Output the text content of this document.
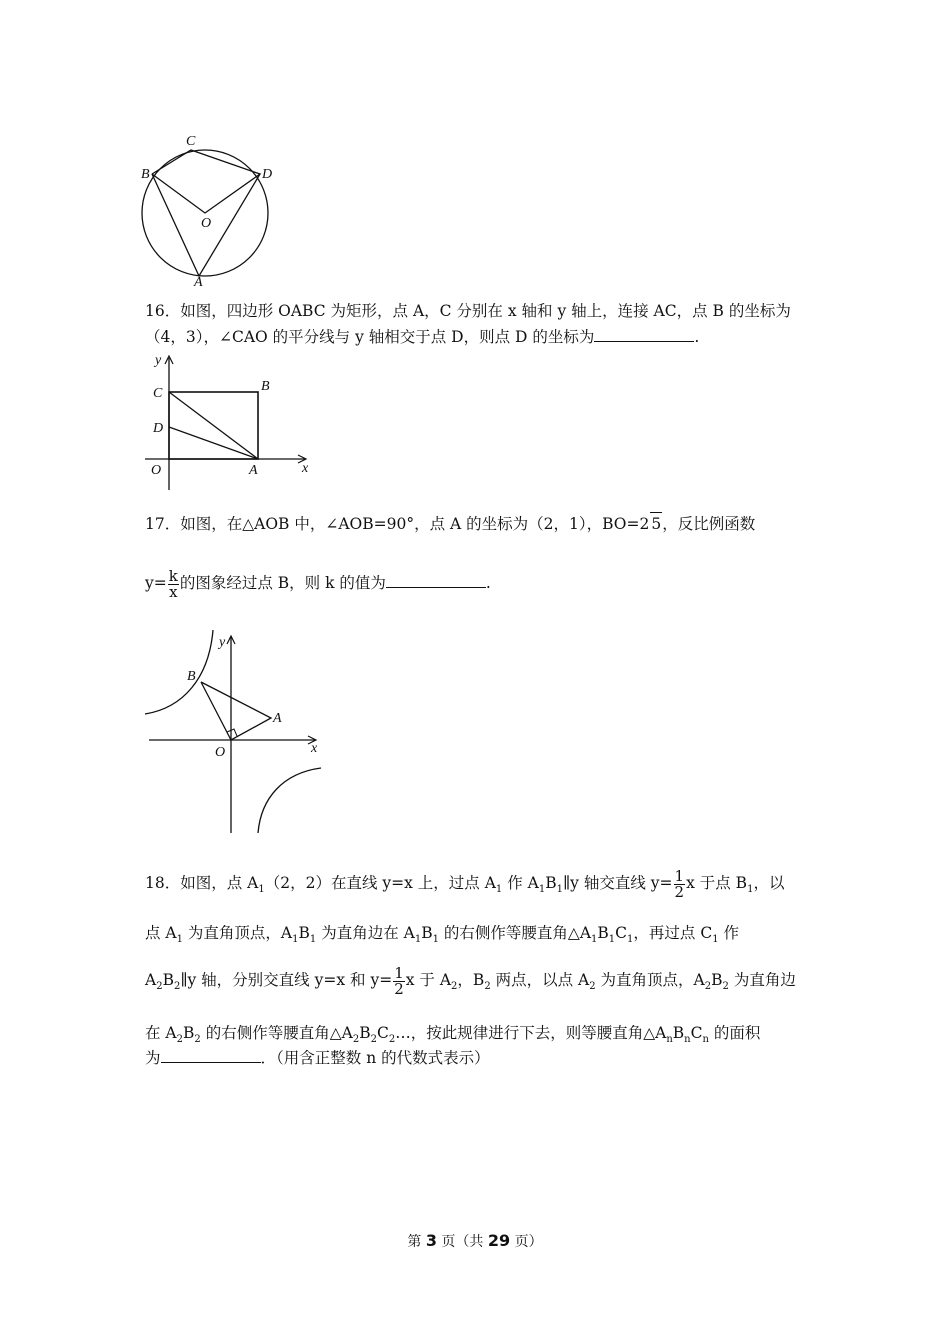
C
B	D
O
A
16．如图，四边形 OABC 为矩形，点 A，C 分别在 x 轴和 y 轴上，连接 AC，点 B 的坐标为
（4，3），∠CAO 的平分线与 y 轴相交于点 D，则点 D 的坐标为	.
y
C	B
D
O	A	x
17．如图，在△AOB 中，∠AOB=90°，点 A 的坐标为（2，1），BO=2 5，反比例函数
$y= \frac{k}{x}$ 的图象经过点 B，则 k 的值为	.
y
B
A
O	x
18．如图，点 $A_1(2$，2）在直线 y=x 上，过点 $A_1$ 作 $A_1B_1\parallel y$ 轴交直线 $y= \frac{1}{2}$ x 于点 $B_1$，以
点 $A_1$ 为直角顶点，$A_1B_1$ 为直角边在 $A_1B_1$ 的右侧作等腰直角$\triangle A_1B_1C_1$，再过点 $C_1$ 作
$A_2B_2\parallel y$ 轴，分别交直线 y=x 和 $y= \frac{1}{2}$ x 于 $A_2$，$B_2$ 两点，以点 $A_2$ 为直角顶点，$A_2B_2$ 为直角边
在 $A_2B_2$ 的右侧作等腰直角$\triangle A_2B_2C_2\dots$，按此规律进行下去，则等腰直角$\triangle A_nB_nC_n$ 的面积
为	．（用含正整数 n 的代数式表示）
第 3 页（共 29 页）
